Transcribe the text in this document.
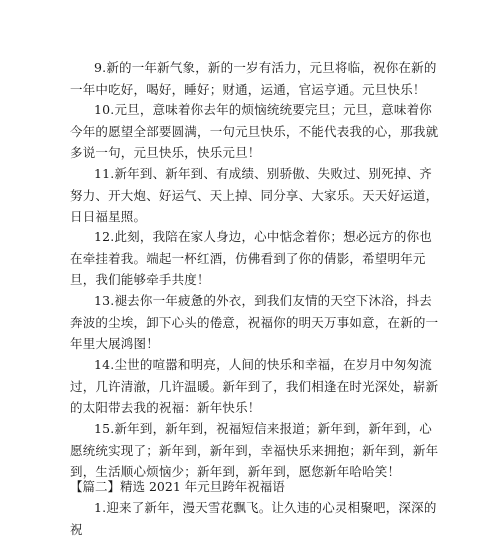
9.新的一年新气象，新的一岁有活力，元旦将临，祝你在新的一年中吃好，喝好，睡好；财通，运通，官运亨通。元旦快乐！

10.元旦，意味着你去年的烦恼统统要完旦；元旦，意味着你今年的愿望全部要圆满，一句元旦快乐，不能代表我的心，那我就多说一句，元旦快乐，快乐元旦！

11.新年到、新年到、有成绩、别骄傲、失败过、别死掉、齐努力、开大炮、好运气、天上掉、同分享、大家乐。天天好运道，日日福星照。

12.此刻，我陪在家人身边，心中惦念着你；想必远方的你也在牵挂着我。端起一杯红酒，仿佛看到了你的倩影，希望明年元旦，我们能够牵手共度！

13.褪去你一年疲惫的外衣，到我们友情的天空下沐浴，抖去奔波的尘埃，卸下心头的倦意，祝福你的明天万事如意，在新的一年里大展鸿图！

14.尘世的喧嚣和明亮，人间的快乐和幸福，在岁月中匆匆流过，几许清澈，几许温暖。新年到了，我们相逢在时光深处，崭新的太阳带去我的祝福：新年快乐！

15.新年到，新年到，祝福短信来报道；新年到，新年到，心愿统统实现了；新年到，新年到，幸福快乐来拥抱；新年到，新年到，生活顺心烦恼少；新年到，新年到，愿您新年哈哈笑！

【篇二】精选 2021 年元旦跨年祝福语

1.迎来了新年，漫天雪花飘飞。让久违的心灵相聚吧，深深的祝
